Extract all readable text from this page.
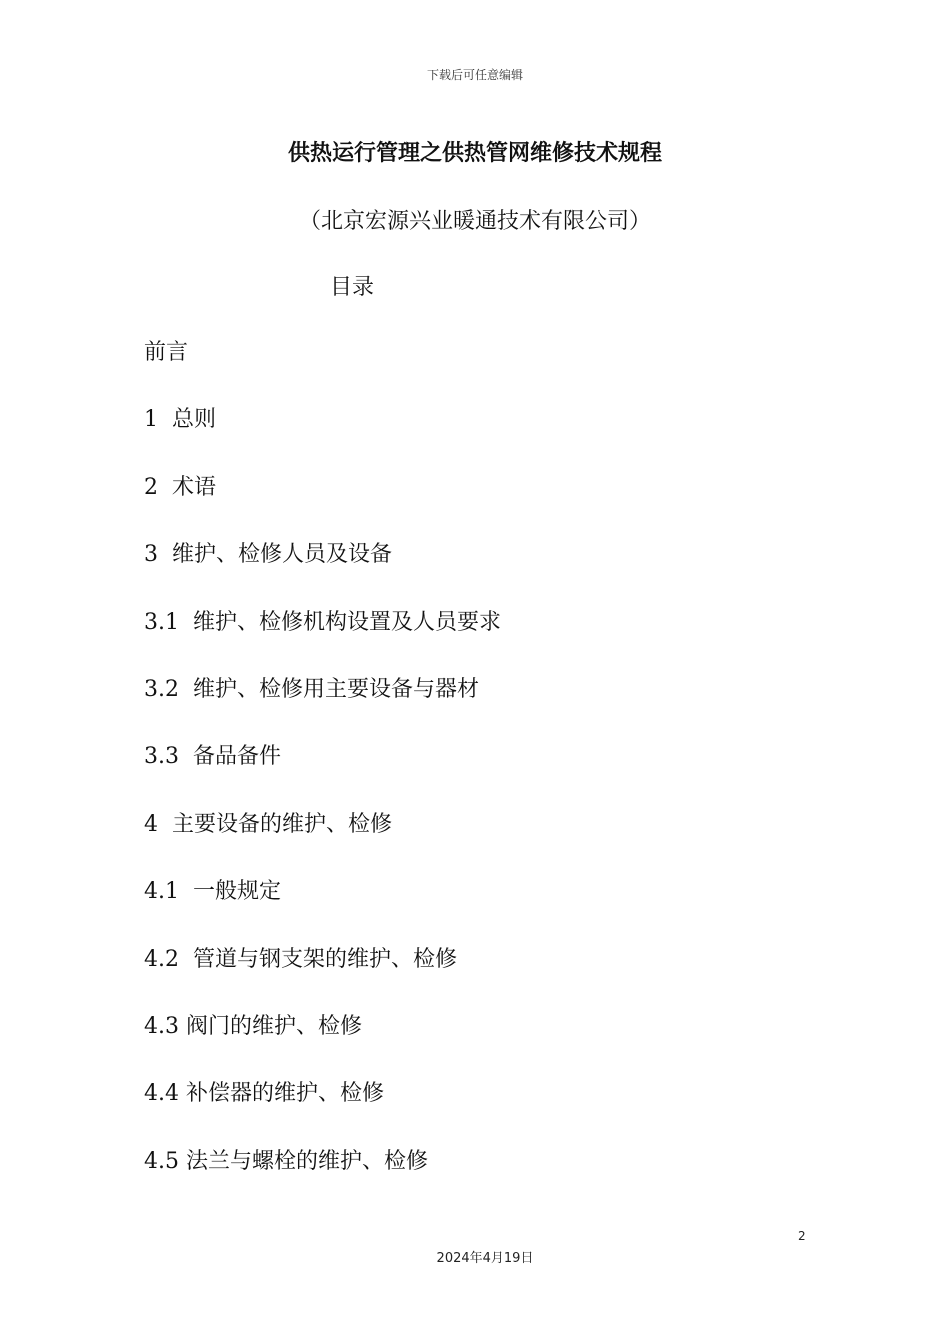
下载后可任意编辑
供热运行管理之供热管网维修技术规程
（北京宏源兴业暖通技术有限公司）
目录
前言
1  总则
2  术语
3  维护、检修人员及设备
3.1  维护、检修机构设置及人员要求
3.2  维护、检修用主要设备与器材
3.3  备品备件
4  主要设备的维护、检修
4.1  一般规定
4.2  管道与钢支架的维护、检修
4.3 阀门的维护、检修
4.4 补偿器的维护、检修
4.5 法兰与螺栓的维护、检修
2
2024年4月19日
